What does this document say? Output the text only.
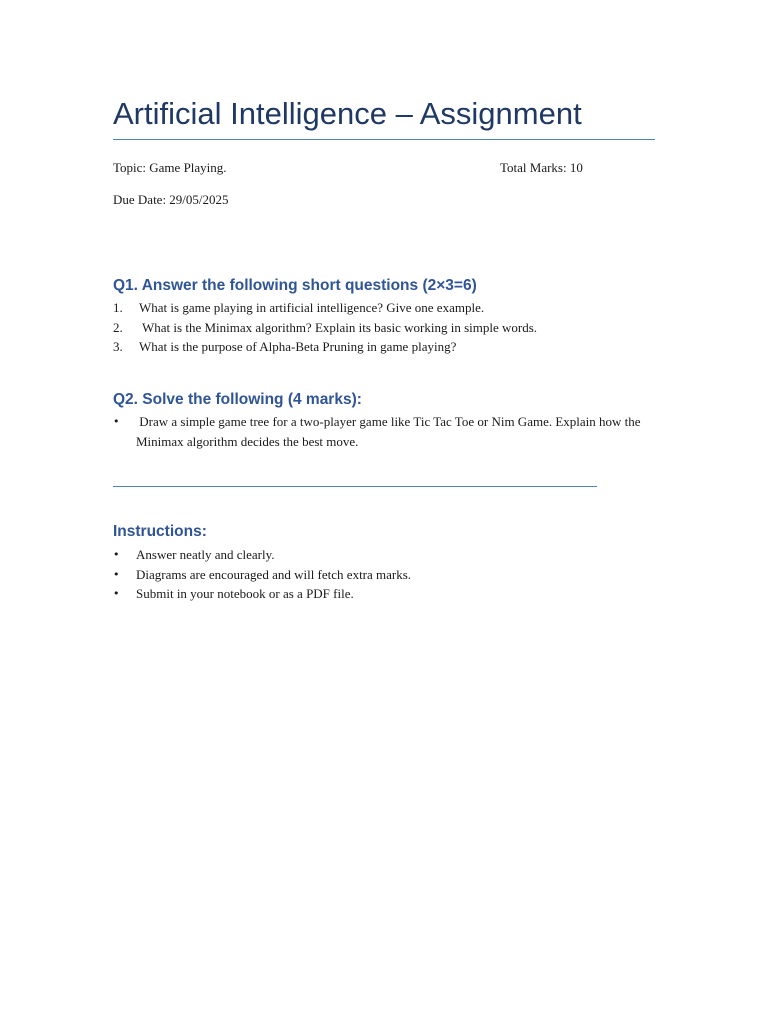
Artificial Intelligence – Assignment
Topic: Game Playing.	Total Marks: 10
Due Date: 29/05/2025
Q1. Answer the following short questions (2×3=6)
1. What is game playing in artificial intelligence? Give one example.
2. What is the Minimax algorithm? Explain its basic working in simple words.
3. What is the purpose of Alpha-Beta Pruning in game playing?
Q2. Solve the following (4 marks):
• Draw a simple game tree for a two-player game like Tic Tac Toe or Nim Game. Explain how the Minimax algorithm decides the best move.
Instructions:
• Answer neatly and clearly.
• Diagrams are encouraged and will fetch extra marks.
• Submit in your notebook or as a PDF file.
